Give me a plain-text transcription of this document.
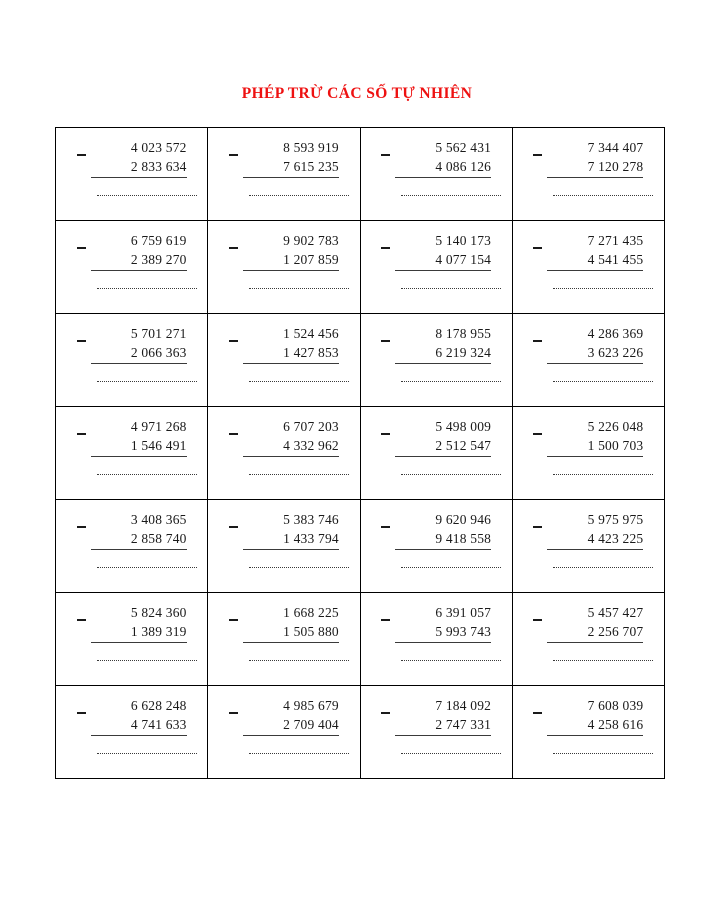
PHÉP TRỪ CÁC SỐ TỰ NHIÊN
4 023 572
2 833 634

8 593 919
7 615 235

5 562 431
4 086 126

7 344 407
7 120 278

6 759 619
2 389 270

9 902 783
1 207 859

5 140 173
4 077 154

7 271 435
4 541 455

5 701 271
2 066 363

1 524 456
1 427 853

8 178 955
6 219 324

4 286 369
3 623 226

4 971 268
1 546 491

6 707 203
4 332 962

5 498 009
2 512 547

5 226 048
1 500 703

3 408 365
2 858 740

5 383 746
1 433 794

9 620 946
9 418 558

5 975 975
4 423 225

5 824 360
1 389 319

1 668 225
1 505 880

6 391 057
5 993 743

5 457 427
2 256 707

6 628 248
4 741 633

4 985 679
2 709 404

7 184 092
2 747 331

7 608 039
4 258 616
